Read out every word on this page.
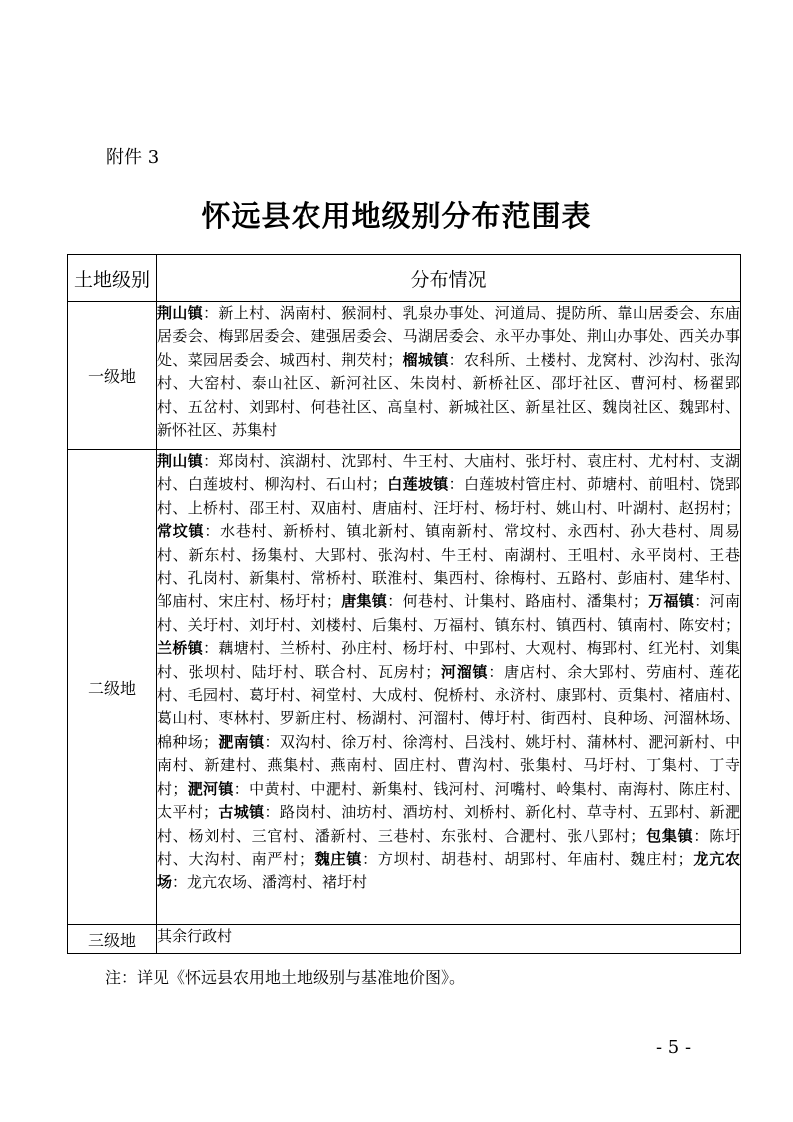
附件 3
怀远县农用地级别分布范围表
土地级别	分布情况
一级地	荆山镇：新上村、涡南村、猴洞村、乳泉办事处、河道局、提防所、靠山居委会、东庙居委会、梅郢居委会、建强居委会、马湖居委会、永平办事处、荆山办事处、西关办事处、菜园居委会、城西村、荆芡村；榴城镇：农科所、土楼村、龙窝村、沙沟村、张沟村、大窑村、泰山社区、新河社区、朱岗村、新桥社区、邵圩社区、曹河村、杨翟郢村、五岔村、刘郢村、何巷社区、高皇村、新城社区、新星社区、魏岗社区、魏郢村、新怀社区、苏集村
二级地	荆山镇：郑岗村、滨湖村、沈郢村、牛王村、大庙村、张圩村、袁庄村、尤村村、支湖村、白莲坡村、柳沟村、石山村；白莲坡镇：白莲坡村管庄村、茆塘村、前咀村、饶郢村、上桥村、邵王村、双庙村、唐庙村、汪圩村、杨圩村、姚山村、叶湖村、赵拐村；常坟镇：水巷村、新桥村、镇北新村、镇南新村、常坟村、永西村、孙大巷村、周易村、新东村、扬集村、大郢村、张沟村、牛王村、南湖村、王咀村、永平岗村、王巷村、孔岗村、新集村、常桥村、联淮村、集西村、徐梅村、五路村、彭庙村、建华村、邹庙村、宋庄村、杨圩村；唐集镇：何巷村、计集村、路庙村、潘集村；万福镇：河南村、关圩村、刘圩村、刘楼村、后集村、万福村、镇东村、镇西村、镇南村、陈安村；兰桥镇：藕塘村、兰桥村、孙庄村、杨圩村、中郢村、大观村、梅郢村、红光村、刘集村、张坝村、陆圩村、联合村、瓦房村；河溜镇：唐店村、余大郢村、劳庙村、莲花村、毛园村、葛圩村、祠堂村、大成村、倪桥村、永济村、康郢村、贡集村、褚庙村、葛山村、枣林村、罗新庄村、杨湖村、河溜村、傅圩村、街西村、良种场、河溜林场、棉种场；淝南镇：双沟村、徐万村、徐湾村、吕浅村、姚圩村、蒲林村、淝河新村、中南村、新建村、燕集村、燕南村、固庄村、曹沟村、张集村、马圩村、丁集村、丁寺村；淝河镇：中黄村、中淝村、新集村、钱河村、河嘴村、岭集村、南海村、陈庄村、太平村；古城镇：路岗村、油坊村、酒坊村、刘桥村、新化村、草寺村、五郢村、新淝村、杨刘村、三官村、潘新村、三巷村、东张村、合淝村、张八郢村；包集镇：陈圩村、大沟村、南严村；魏庄镇：方坝村、胡巷村、胡郢村、年庙村、魏庄村；龙亢农场：龙亢农场、潘湾村、褚圩村
三级地	其余行政村
注：详见《怀远县农用地土地级别与基准地价图》。
- 5 -
